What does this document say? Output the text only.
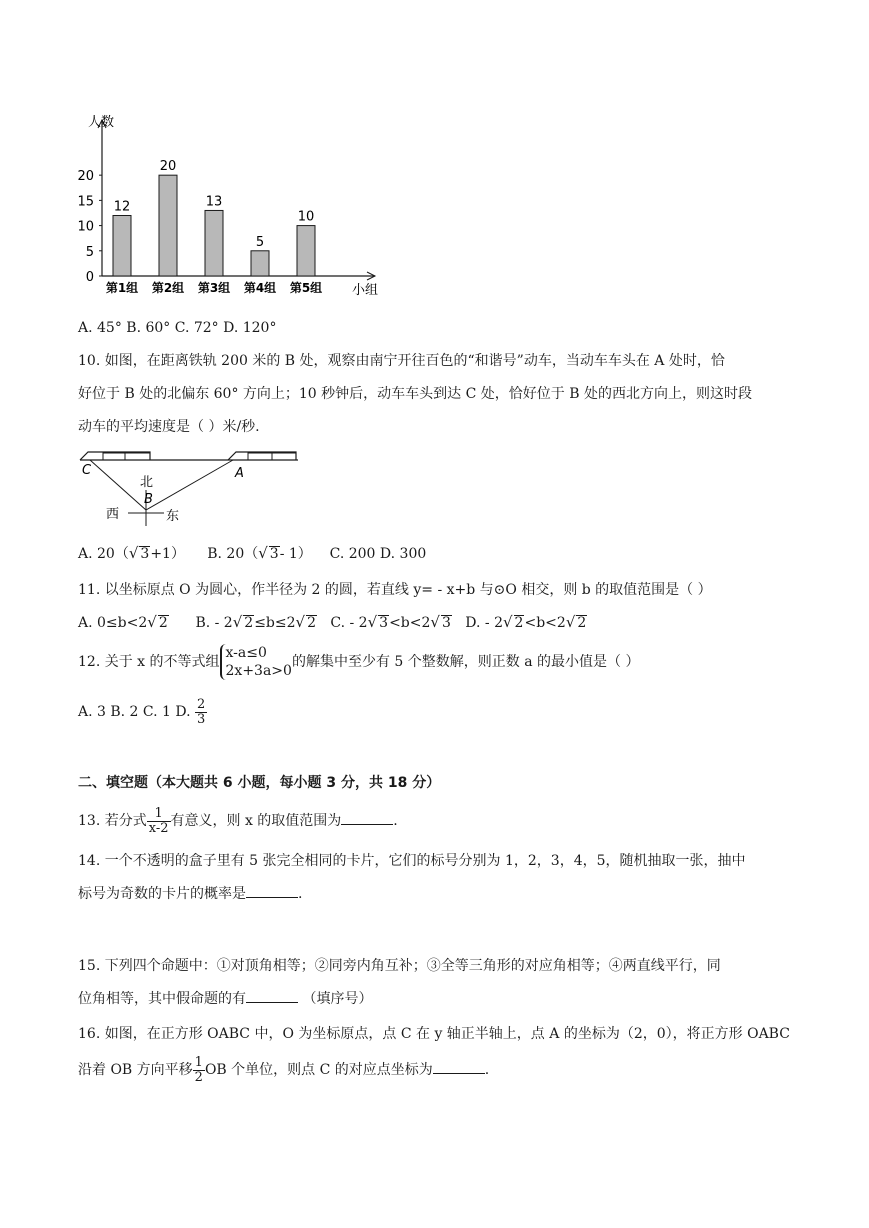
人数
小组
0
5
10
15
20
12
第1组
20
第2组
13
第3组
5
第4组
10
第5组
A. 45° B. 60° C. 72° D. 120°
10. 如图，在距离铁轨 200 米的 B 处，观察由南宁开往百色的“和谐号”动车，当动车车头在 A 处时，恰
好位于 B 处的北偏东 60° 方向上；10 秒钟后，动车车头到达 C 处，恰好位于 B 处的西北方向上，则这时段
动车的平均速度是（ ）米/秒.
C	A
北
B
西	东
A. 20（√ 3+1） B. 20（√ 3- 1） C. 200 D. 300
11. 以坐标原点 O 为圆心，作半径为 2 的圆，若直线 y= - x+b 与⊙O 相交，则 b 的取值范围是（ ）
A. 0≤b<2√ 2 B. - 2√ 2≤b≤2√ 2 C. - 2√ 3<b<2√ 3 D. - 2√ 2<b<2√ 2
12. 关于 x 的不等式组
x-a≤0
2x+3a>0
的解集中至少有 5 个整数解，则正数 a 的最小值是（ ）
A. 3 B. 2 C. 1 D. $\frac{2}{3}$
二、填空题（本大题共 6 小题，每小题 3 分，共 18 分）
13. 若分式 $\frac{1}{x-2}$ 有意义，则 x 的取值范围为	.
14. 一个不透明的盒子里有 5 张完全相同的卡片，它们的标号分别为 1，2，3，4，5，随机抽取一张，抽中
标号为奇数的卡片的概率是	.
15. 下列四个命题中：①对顶角相等；②同旁内角互补；③全等三角形的对应角相等；④两直线平行，同
位角相等，其中假命题的有	（填序号）
16. 如图，在正方形 OABC 中，O 为坐标原点，点 C 在 y 轴正半轴上，点 A 的坐标为（2，0），将正方形 OABC
沿着 OB 方向平移 $\frac{1}{2}$ OB 个单位，则点 C 的对应点坐标为	.
